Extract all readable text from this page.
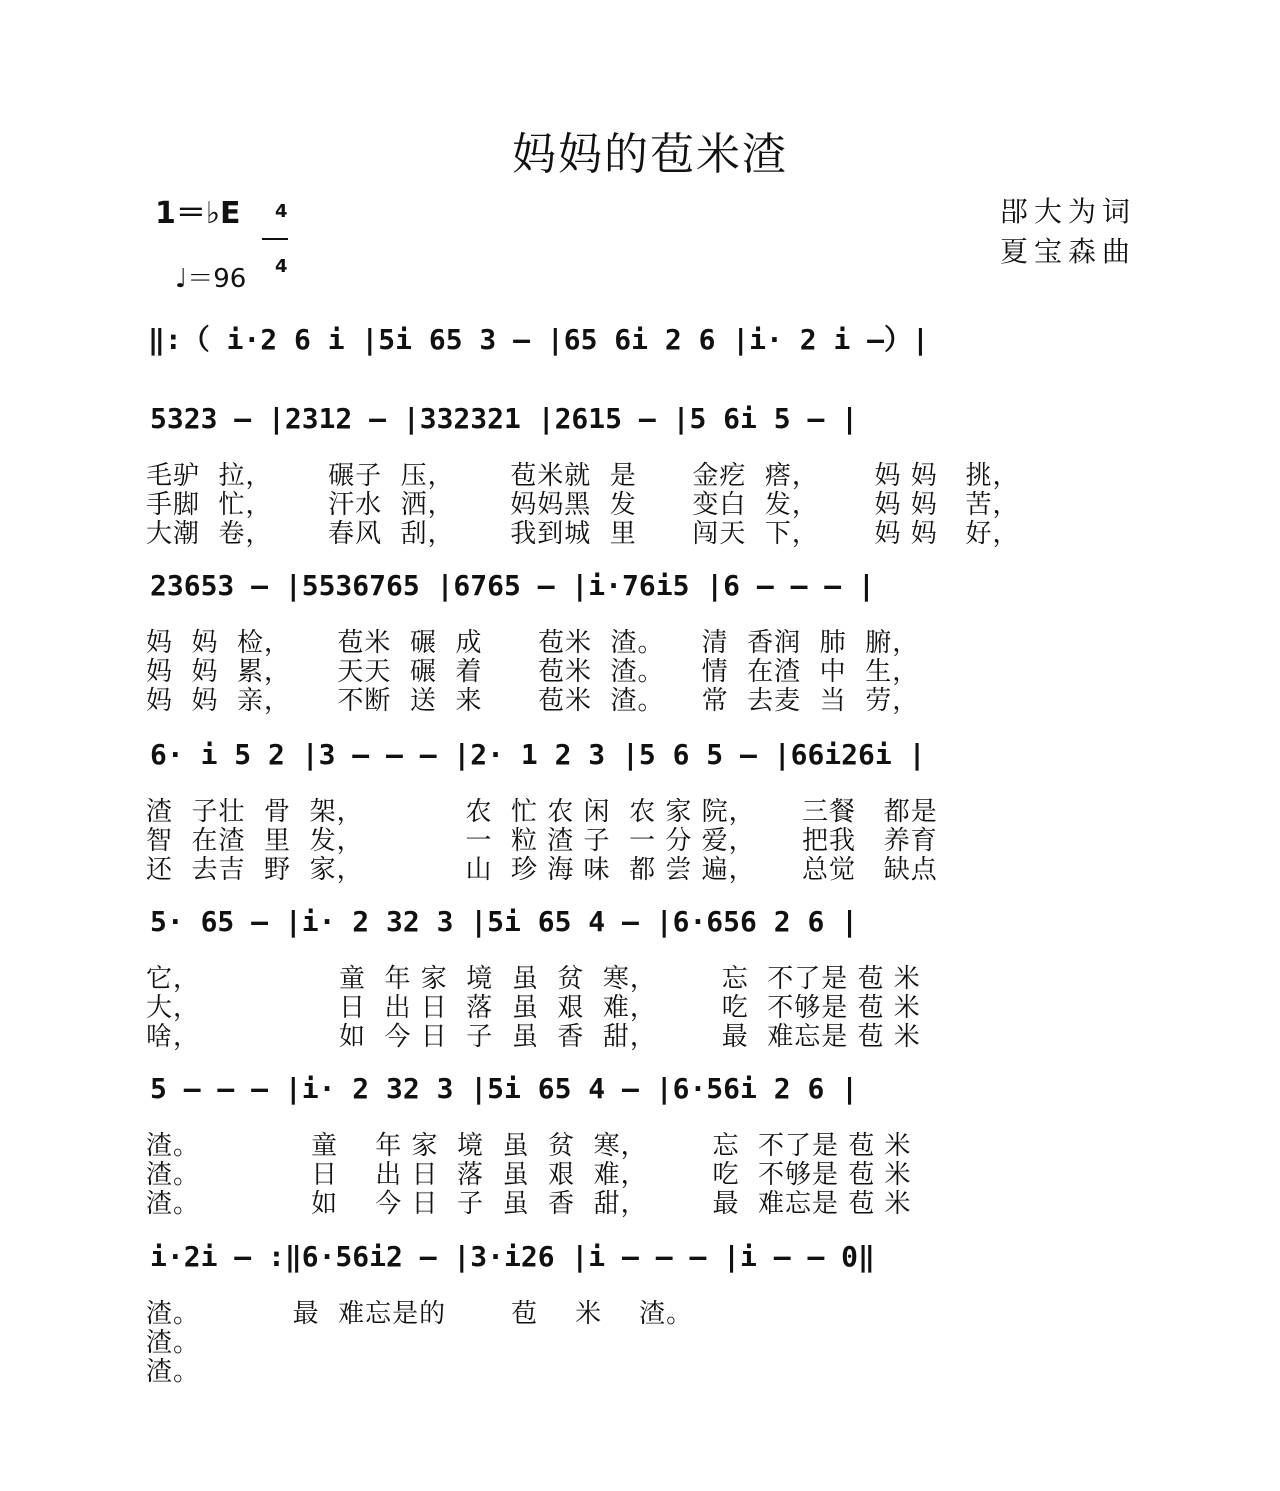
妈妈的苞米渣
1＝♭E	4

4

♩＝96
郘大为词
夏宝森曲
‖:（ i·2 6 i |5i 65 3 – |65 6i 2 6 |i· 2 i –）|
5323 – |2312 – |332321 |2615 – |5 6i 5 – |
毛驴  拉，      碾子  压，      苞米就  是      金疙  瘩，      妈 妈   挑，
手脚  忙，      汗水  洒，      妈妈黑  发      变白  发，      妈 妈   苦，
大潮  卷，      春风  刮，      我到城  里      闯天  下，      妈 妈   好，
23653 – |5536765 |6765 – |i·76i5 |6 – – – |
妈  妈  检，     苞米  碾  成      苞米  渣。    清  香润  肺  腑，
妈  妈  累，     天天  碾  着      苞米  渣。    情  在渣  中  生，
妈  妈  亲，     不断  送  来      苞米  渣。    常  去麦  当  劳，
6· i 5 2 |3 – – – |2· 1 2 3 |5 6 5 – |66i26i |
渣  子壮  骨  架，           农  忙 农 闲  农 家 院，     三餐   都是
智  在渣  里  发，           一  粒 渣 子  一 分 爱，     把我   养育
还  去吉  野  家，           山  珍 海 味  都 尝 遍，     总觉   缺点
5· 65 – |i· 2 32 3 |5i 65 4 – |6·656 2 6 |
它，               童  年 家  境  虽  贫  寒，       忘  不了是 苞 米
大，               日  出 日  落  虽  艰  难，       吃  不够是 苞 米
啥，               如  今 日  子  虽  香  甜，       最  难忘是 苞 米
5 – – – |i· 2 32 3 |5i 65 4 – |6·56i 2 6 |
渣。            童    年 家  境  虽  贫  寒，       忘  不了是 苞 米
渣。            日    出 日  落  虽  艰  难，       吃  不够是 苞 米
渣。            如    今 日  子  虽  香  甜，       最  难忘是 苞 米
i·2i – :‖6·56i2 – |3·i26 |i – – – |i – – 0‖
渣。          最  难忘是的       苞    米    渣。
渣。
渣。
